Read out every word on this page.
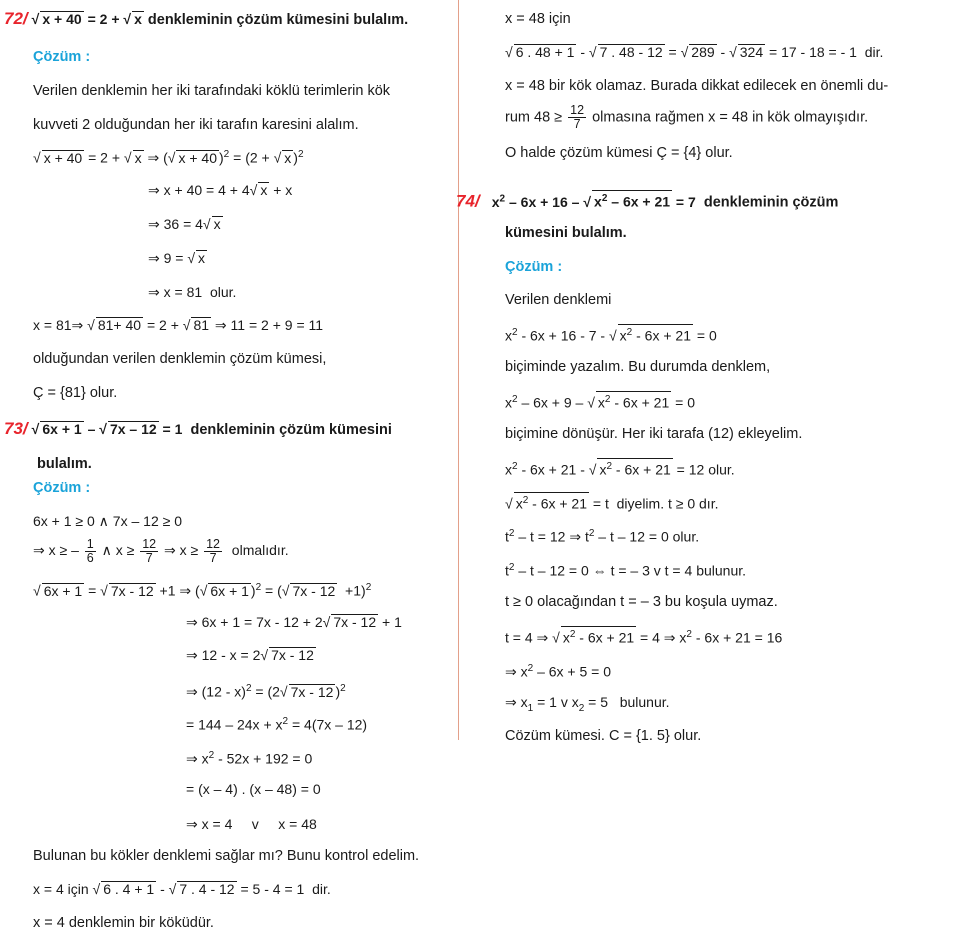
72/ √ x + 40 = 2 + √ x denkleminin çözüm kümesini bulalım.
Çözüm :
Verilen denklemin her iki tarafındaki köklü terimlerin kök
kuvveti 2 olduğundan her iki tarafın karesini alalım.
√ x + 40 = 2 + √ x ⇒ (√ x + 40 )$^2$ = (2 + √ x )$^2$
⇒ x + 40 = 4 + 4√ x + x
⇒ 36 = 4√ x
⇒ 9 = √ x
⇒ x = 81  olur.
x = 81⇒ √ 81+ 40 = 2 + √ 81 ⇒ 11 = 2 + 9 = 11
olduğundan verilen denklemin çözüm kümesi,
Ç = {81} olur.
73/ √ 6x + 1 – √ 7x – 12 = 1 denkleminin çözüm kümesini
bulalım.
Çözüm :
6x + 1 ≥ 0 ∧ 7x – 12 ≥ 0
⇒ x ≥ – $\frac{1}{6}$ ∧ $x \ge \frac{12}{7}$ ⇒ $x \ge \frac{12}{7}$ olmalıdır.
√ 6x + 1 = √ 7x - 12 +1 ⇒ (√ 6x + 1 )$^2$ = (√ 7x - 12  +1)$^2$
⇒ 6x + 1 = 7x - 12 + 2√ 7x - 12 + 1
⇒ 12 - x = 2√ 7x - 12
⇒ (12 - x)$^2$ = (2√ 7x - 12 )$^2$
= $144 - 24x + x^2 = 4(7x - 12)$
⇒ $x^2 - 52x + 192 = 0$
= (x – 4) . (x – 48) = 0
⇒ x = 4     v     x = 48
Bulunan bu kökler denklemi sağlar mı? Bunu kontrol edelim.
x = 4 için √ 6 . 4 + 1 - √ 7 . 4 - 12 = 5 - 4 = 1  dir.
x = 4 denklemin bir köküdür.
x = 48 için
√ 6 . 48 + 1 - √ 7 . 48 - 12 = √ 289 - √ 324 = 17 - 18 = - 1  dir.
x = 48 bir kök olamaz. Burada dikkat edilecek en önemli du-
rum $48 \ge \frac{12}{7}$ olmasına rağmen x = 48 in kök olmayışıdır.
O halde çözüm kümesi Ç = {4} olur.
74/ $x^2 - 6x + 16$ – √ $x^2 - 6x + 21 = 7$ denkleminin çözüm
kümesini bulalım.
Çözüm :
Verilen denklemi
$x^2 - 6x + 16 - 7$ - √ $x^2 - 6x + 21 = 0$
biçiminde yazalım. Bu durumda denklem,
$x^2 - 6x + 9$ – √ $x^2 - 6x + 21 = 0$
biçimine dönüşür. Her iki tarafa (12) ekleyelim.
$x^2 - 6x + 21$ - √ $x^2 - 6x + 21 = 12$ olur.
√ $x^2 - 6x + 21 = t$  diyelim. t ≥ 0 dır.
$t^2 - t = 12$ ⇒ $t^2 - t - 12 = 0$ olur.
$t^2 - t - 12 = 0$ ⇔ t = – 3 v t = 4 bulunur.
t ≥ 0 olacağından t = – 3 bu koşula uymaz.
t = 4 ⇒ √ $x^2 - 6x + 21 = 4$ ⇒ $x^2 - 6x + 21 = 16$
⇒ $x^2 - 6x + 5 = 0$
⇒ $x_1 = 1$ v $x_2 = 5$   bulunur.
Cözüm kümesi. C = {1. 5} olur.
